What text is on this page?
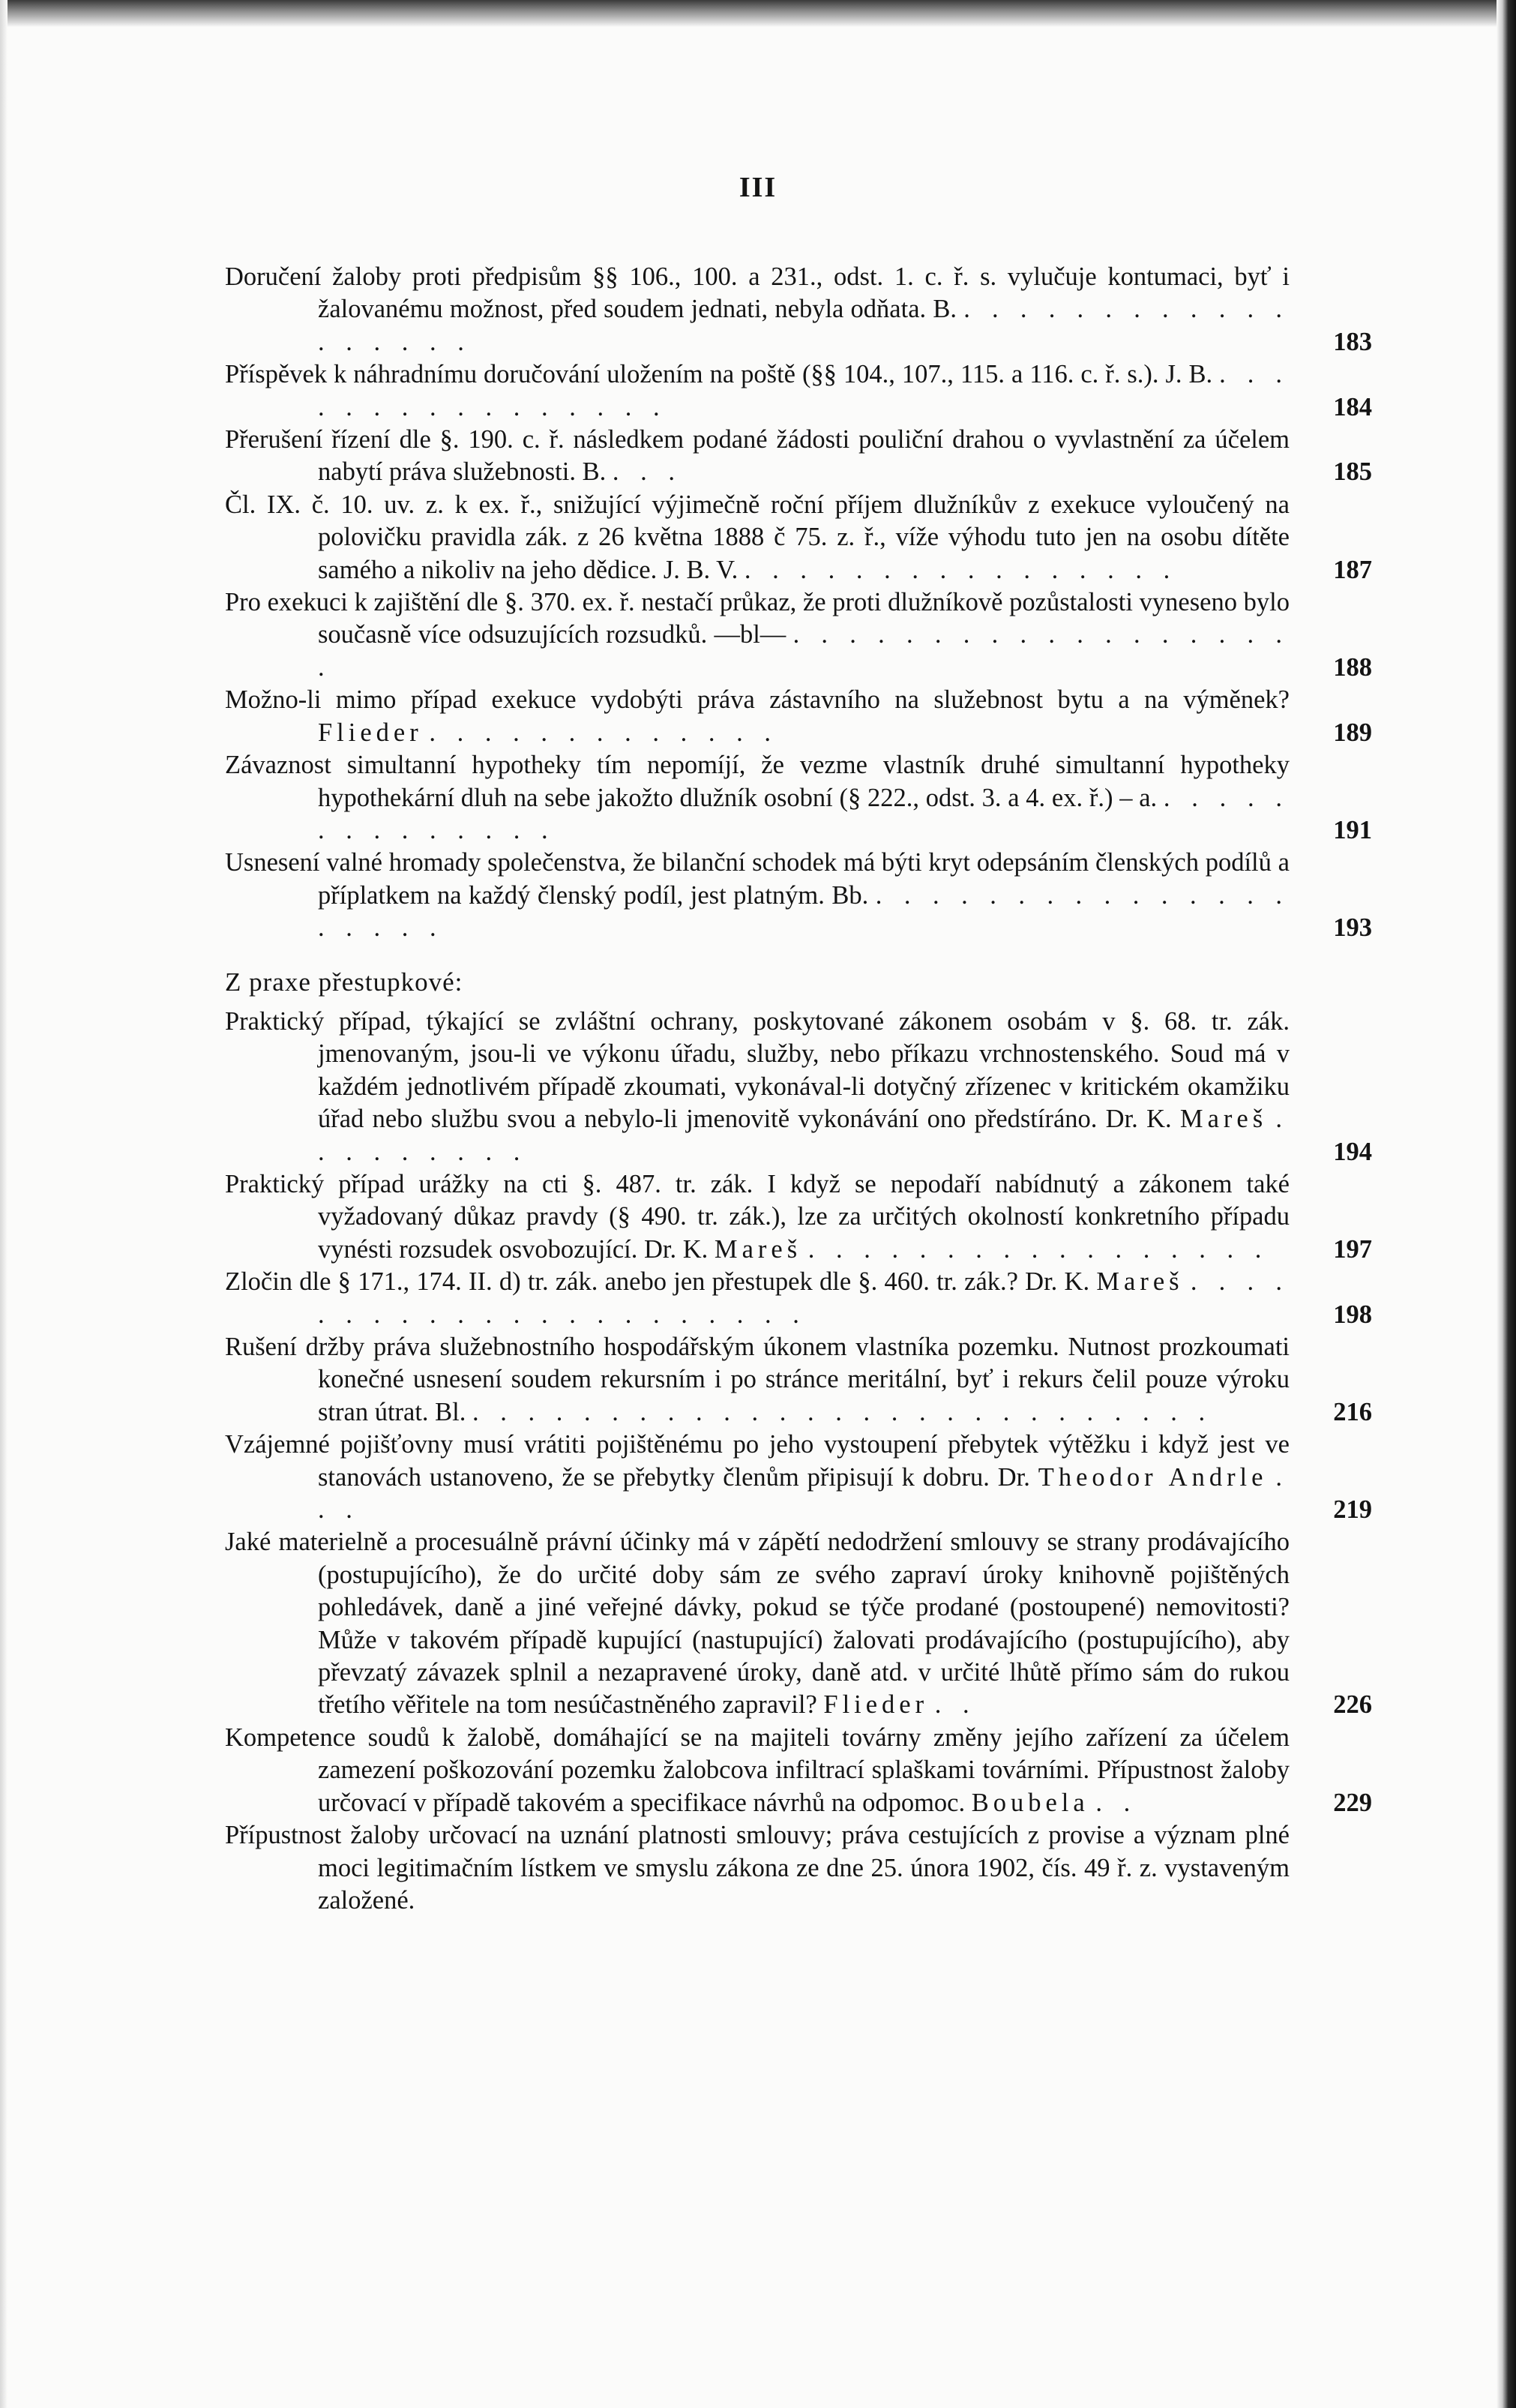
III

Doručení žaloby proti předpisům §§ 106., 100. a 231., odst. 1. c. ř. s. vylučuje kontumaci, byť i žalovanému možnost, před soudem jednati, nebyla odňata. B. . . . . . . . . . . . . . . . . . .	183

Příspěvek k náhradnímu doručování uložením na poště (§§ 104., 107., 115. a 116. c. ř. s.). J. B. . . . . . . . . . . . . . . . .	184

Přerušení řízení dle §. 190. c. ř. následkem podané žádosti pouliční drahou o vyvlastnění za účelem nabytí práva služebnosti. B. . . .	185

Čl. IX. č. 10. uv. z. k ex. ř., snižující výjimečně roční příjem dlužníkův z exekuce vyloučený na polovičku pravidla zák. z 26 května 1888 č 75. z. ř., víže výhodu tuto jen na osobu dítěte samého a nikoliv na jeho dědice. J. B. V. . . . . . . . . . . . . . . . .	187

Pro exekuci k zajištění dle §. 370. ex. ř. nestačí průkaz, že proti dlužníkově pozůstalosti vyneseno bylo současně více odsuzujících rozsudků. —bl— . . . . . . . . . . . . . . . . . . .	188

Možno-li mimo případ exekuce vydobýti práva zástavního na služebnost bytu a na výměnek? Flieder . . . . . . . . . . . . .	189

Závaznost simultanní hypotheky tím nepomíjí, že vezme vlastník druhé simultanní hypotheky hypothekární dluh na sebe jakožto dlužník osobní (§ 222., odst. 3. a 4. ex. ř.) – a. . . . . . . . . . . . . . .	191

Usnesení valné hromady společenstva, že bilanční schodek má býti kryt odepsáním členských podílů a příplatkem na každý členský podíl, jest platným. Bb. . . . . . . . . . . . . . . . . . . . .	193

Z praxe přestupkové:

Praktický případ, týkající se zvláštní ochrany, poskytované zákonem osobám v §. 68. tr. zák. jmenovaným, jsou-li ve výkonu úřadu, služby, nebo příkazu vrchnostenského. Soud má v každém jednotlivém případě zkoumati, vykonával-li dotyčný zřízenec v kritickém okamžiku úřad nebo službu svou a nebylo-li jmenovitě vykonávání ono předstíráno. Dr. K. Mareš . . . . . . . . .	194

Praktický případ urážky na cti §. 487. tr. zák. I když se nepodaří nabídnutý a zákonem také vyžadovaný důkaz pravdy (§ 490. tr. zák.), lze za určitých okolností konkretního případu vynésti rozsudek osvobozující. Dr. K. Mareš . . . . . . . . . . . . . . . . . 197

Zločin dle § 171., 174. II. d) tr. zák. anebo jen přestupek dle §. 460. tr. zák.? Dr. K. Mareš . . . . . . . . . . . . . . . . . . . . . .	198

Rušení držby práva služebnostního hospodářským úkonem vlastníka pozemku. Nutnost prozkoumati konečné usnesení soudem rekursním i po stránce meritální, byť i rekurs čelil pouze výroku stran útrat. Bl. . . . . . . . . . . . . . . . . . . . . . . . . . . .	216

Vzájemné pojišťovny musí vrátiti pojištěnému po jeho vystoupení přebytek výtěžku i když jest ve stanovách ustanoveno, že se přebytky členům připisují k dobru. Dr. Theodor Andrle . . .	219

Jaké materielně a procesuálně právní účinky má v zápětí nedodržení smlouvy se strany prodávajícího (postupujícího), že do určité doby sám ze svého zapraví úroky knihovně pojištěných pohledávek, daně a jiné veřejné dávky, pokud se týče prodané (postoupené) nemovitosti? Může v takovém případě kupující (nastupující) žalovati prodávajícího (postupujícího), aby převzatý závazek splnil a nezapravené úroky, daně atd. v určité lhůtě přímo sám do rukou třetího věřitele na tom nesúčastněného zapravil? Flieder . .	226

Kompetence soudů k žalobě, domáhající se na majiteli továrny změny jejího zařízení za účelem zamezení poškozování pozemku žalobcova infiltrací splaškami továrními. Přípustnost žaloby určovací v případě takovém a specifikace návrhů na odpomoc. Boubela . .	229

Přípustnost žaloby určovací na uznání platnosti smlouvy; práva cestujících z provise a význam plné moci legitimačním lístkem ve smyslu zákona ze dne 25. února 1902, čís. 49 ř. z. vystaveným založené.
